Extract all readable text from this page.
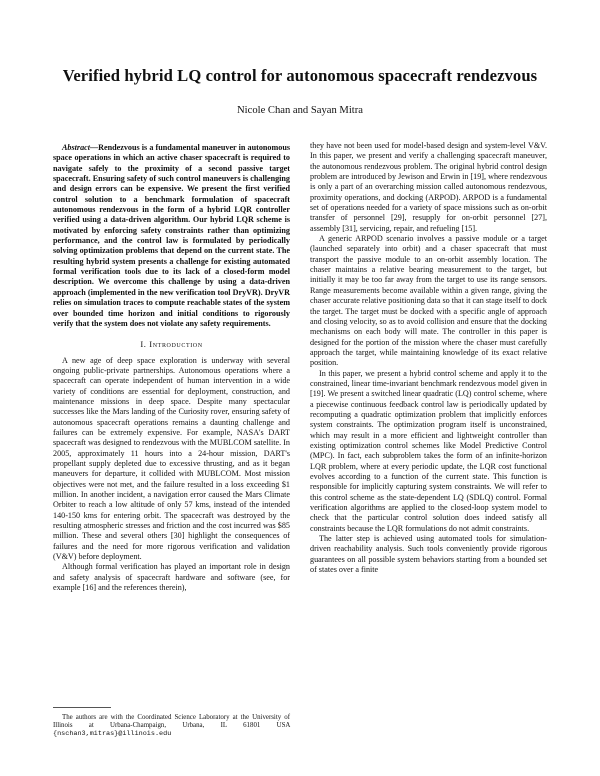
Verified hybrid LQ control for autonomous spacecraft rendezvous
Nicole Chan and Sayan Mitra

Abstract—Rendezvous is a fundamental maneuver in autonomous space operations in which an active chaser spacecraft is required to navigate safely to the proximity of a second passive target spacecraft. Ensuring safety of such control maneuvers is challenging and design errors can be expensive. We present the first verified control solution to a benchmark formulation of spacecraft autonomous rendezvous in the form of a hybrid LQR controller verified using a data-driven algorithm. Our hybrid LQR scheme is motivated by enforcing safety constraints rather than optimizing performance, and the control law is formulated by periodically solving optimization problems that depend on the current state. The resulting hybrid system presents a challenge for existing automated formal verification tools due to its lack of a closed-form model description. We overcome this challenge by using a data-driven approach (implemented in the new verification tool DryVR). DryVR relies on simulation traces to compute reachable states of the system over bounded time horizon and initial conditions to rigorously verify that the system does not violate any safety requirements.

I. Introduction

A new age of deep space exploration is underway with several ongoing public-private partnerships. Autonomous operations where a spacecraft can operate independent of human intervention in a wide variety of conditions are essential for deployment, construction, and maintenance missions in deep space. Despite many spectacular successes like the Mars landing of the Curiosity rover, ensuring safety of autonomous spacecraft operations remains a daunting challenge and failures can be extremely expensive. For example, NASA's DART spacecraft was designed to rendezvous with the MUBLCOM satellite. In 2005, approximately 11 hours into a 24-hour mission, DART's propellant supply depleted due to excessive thrusting, and as it began maneuvers for departure, it collided with MUBLCOM. Most mission objectives were not met, and the failure resulted in a loss exceeding $1 million. In another incident, a navigation error caused the Mars Climate Orbiter to reach a low altitude of only 57 kms, instead of the intended 140-150 kms for entering orbit. The spacecraft was destroyed by the resulting atmospheric stresses and friction and the cost incurred was $85 million. These and several others [30] highlight the consequences of failures and the need for more rigorous verification and validation (V&V) before deployment.

Although formal verification has played an important role in design and safety analysis of spacecraft hardware and software (see, for example [16] and the references therein),

The authors are with the Coordinated Science Laboratory at the University of Illinois at Urbana-Champaign, Urbana, IL 61801 USA {nschan3,mitras}@illinois.edu

they have not been used for model-based design and system-level V&V. In this paper, we present and verify a challenging spacecraft maneuver, the autonomous rendezvous problem. The original hybrid control design problem are introduced by Jewison and Erwin in [19], where rendezvous is only a part of an overarching mission called autonomous rendezvous, proximity operations, and docking (ARPOD). ARPOD is a fundamental set of operations needed for a variety of space missions such as on-orbit transfer of personnel [29], resupply for on-orbit personnel [27], assembly [31], servicing, repair, and refueling [15].

A generic ARPOD scenario involves a passive module or a target (launched separately into orbit) and a chaser spacecraft that must transport the passive module to an on-orbit assembly location. The chaser maintains a relative bearing measurement to the target, but initially it may be too far away from the target to use its range sensors. Range measurements become available within a given range, giving the chaser accurate relative positioning data so that it can stage itself to dock the target. The target must be docked with a specific angle of approach and closing velocity, so as to avoid collision and ensure that the docking mechanisms on each body will mate. The controller in this paper is designed for the portion of the mission where the chaser must carefully approach the target, while maintaining knowledge of its exact relative position.

In this paper, we present a hybrid control scheme and apply it to the constrained, linear time-invariant benchmark rendezvous model given in [19]. We present a switched linear quadratic (LQ) control scheme, where a piecewise continuous feedback control law is periodically updated by recomputing a quadratic optimization problem that implicitly enforces system constraints. The optimization program itself is unconstrained, which may result in a more efficient and lightweight controller than existing optimization control schemes like Model Predictive Control (MPC). In fact, each subproblem takes the form of an infinite-horizon LQR problem, where at every periodic update, the LQR cost functional evolves according to a function of the current state. This function is responsible for implicitly capturing system constraints. We will refer to this control scheme as the state-dependent LQ (SDLQ) control. Formal verification algorithms are applied to the closed-loop system model to check that the particular control solution does indeed satisfy all constraints because the LQR formulations do not admit constraints.

The latter step is achieved using automated tools for simulation-driven reachability analysis. Such tools conveniently provide rigorous guarantees on all possible system behaviors starting from a bounded set of states over a finite
